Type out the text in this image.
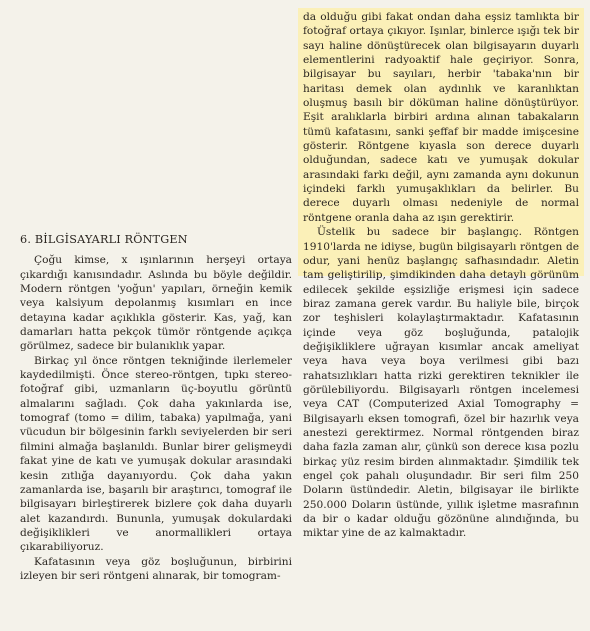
6. BİLGİSAYARLI RÖNTGEN

Çoğu kimse, x ışınlarının herşeyi ortaya çıkardığı kanısındadır. Aslında bu böyle değildir. Modern röntgen 'yoğun' yapıları, örneğin kemik veya kalsiyum depolanmış kısımları en ince detayına kadar açıklıkla gösterir. Kas, yağ, kan damarları hatta pekçok tümör röntgende açıkça görülmez, sadece bir bulanıklık yapar.

Birkaç yıl önce röntgen tekniğinde ilerlemeler kaydedilmişti. Önce stereo-röntgen, tıpkı stereo-fotoğraf gibi, uzmanların üç-boyutlu görüntü almalarını sağladı. Çok daha yakınlarda ise, tomograf (tomo = dilim, tabaka) yapılmağa, yani vücudun bir bölgesinin farklı seviyelerden bir seri filmini almağa başlanıldı. Bunlar birer gelişmeydi fakat yine de katı ve yumuşak dokular arasındaki kesin zıtlığa dayanıyordu. Çok daha yakın zamanlarda ise, başarılı bir araştırıcı, tomograf ile bilgisayarı birleştirerek bizlere çok daha duyarlı alet kazandırdı. Bununla, yumuşak dokulardaki değişiklikleri ve anormallikleri ortaya çıkarabiliyoruz.

Kafatasının veya göz boşluğunun, birbirini izleyen bir seri röntgeni alınarak, bir tomogram-

da olduğu gibi fakat ondan daha eşsiz tamlıkta bir fotoğraf ortaya çıkıyor. Işınlar, binlerce ışığı tek bir sayı haline dönüştürecek olan bilgisayarın duyarlı elementlerini radyoaktif hale geçiriyor. Sonra, bilgisayar bu sayıları, herbir 'tabaka'nın bir haritası demek olan aydınlık ve karanlıktan oluşmuş basılı bir döküman haline dönüştürüyor. Eşit aralıklarla birbiri ardına alınan tabakaların tümü kafatasını, sanki şeffaf bir madde imişcesine gösterir. Röntgene kıyasla son derece duyarlı olduğundan, sadece katı ve yumuşak dokular arasındaki farkı değil, aynı zamanda aynı dokunun içindeki farklı yumuşaklıkları da belirler. Bu derece duyarlı olması nedeniyle de normal röntgene oranla daha az ışın gerektirir.

Üstelik bu sadece bir başlangıç. Röntgen 1910'larda ne idiyse, bugün bilgisayarlı röntgen de odur, yani henüz başlangıç safhasındadır. Aletin tam geliştirilip, şimdikinden daha detaylı görünüm edilecek şekilde eşsizliğe erişmesi için sadece biraz zamana gerek vardır. Bu haliyle bile, birçok zor teşhisleri kolaylaştırmaktadır. Kafatasının içinde veya göz boşluğunda, patalojik değişikliklere uğrayan kısımlar ancak ameliyat veya hava veya boya verilmesi gibi bazı rahatsızlıkları hatta rizki gerektiren teknikler ile görülebiliyordu. Bilgisayarlı röntgen incelemesi veya CAT (Computerized Axial Tomography = Bilgisayarlı eksen tomografi, özel bir hazırlık veya anestezi gerektirmez. Normal röntgenden biraz daha fazla zaman alır, çünkü son derece kısa pozlu birkaç yüz resim birden alınmaktadır. Şimdilik tek engel çok pahalı oluşundadır. Bir seri film 250 Doların üstündedir. Aletin, bilgisayar ile birlikte 250.000 Doların üstünde, yıllık işletme masrafının da bir o kadar olduğu gözönüne alındığında, bu miktar yine de az kalmaktadır.
